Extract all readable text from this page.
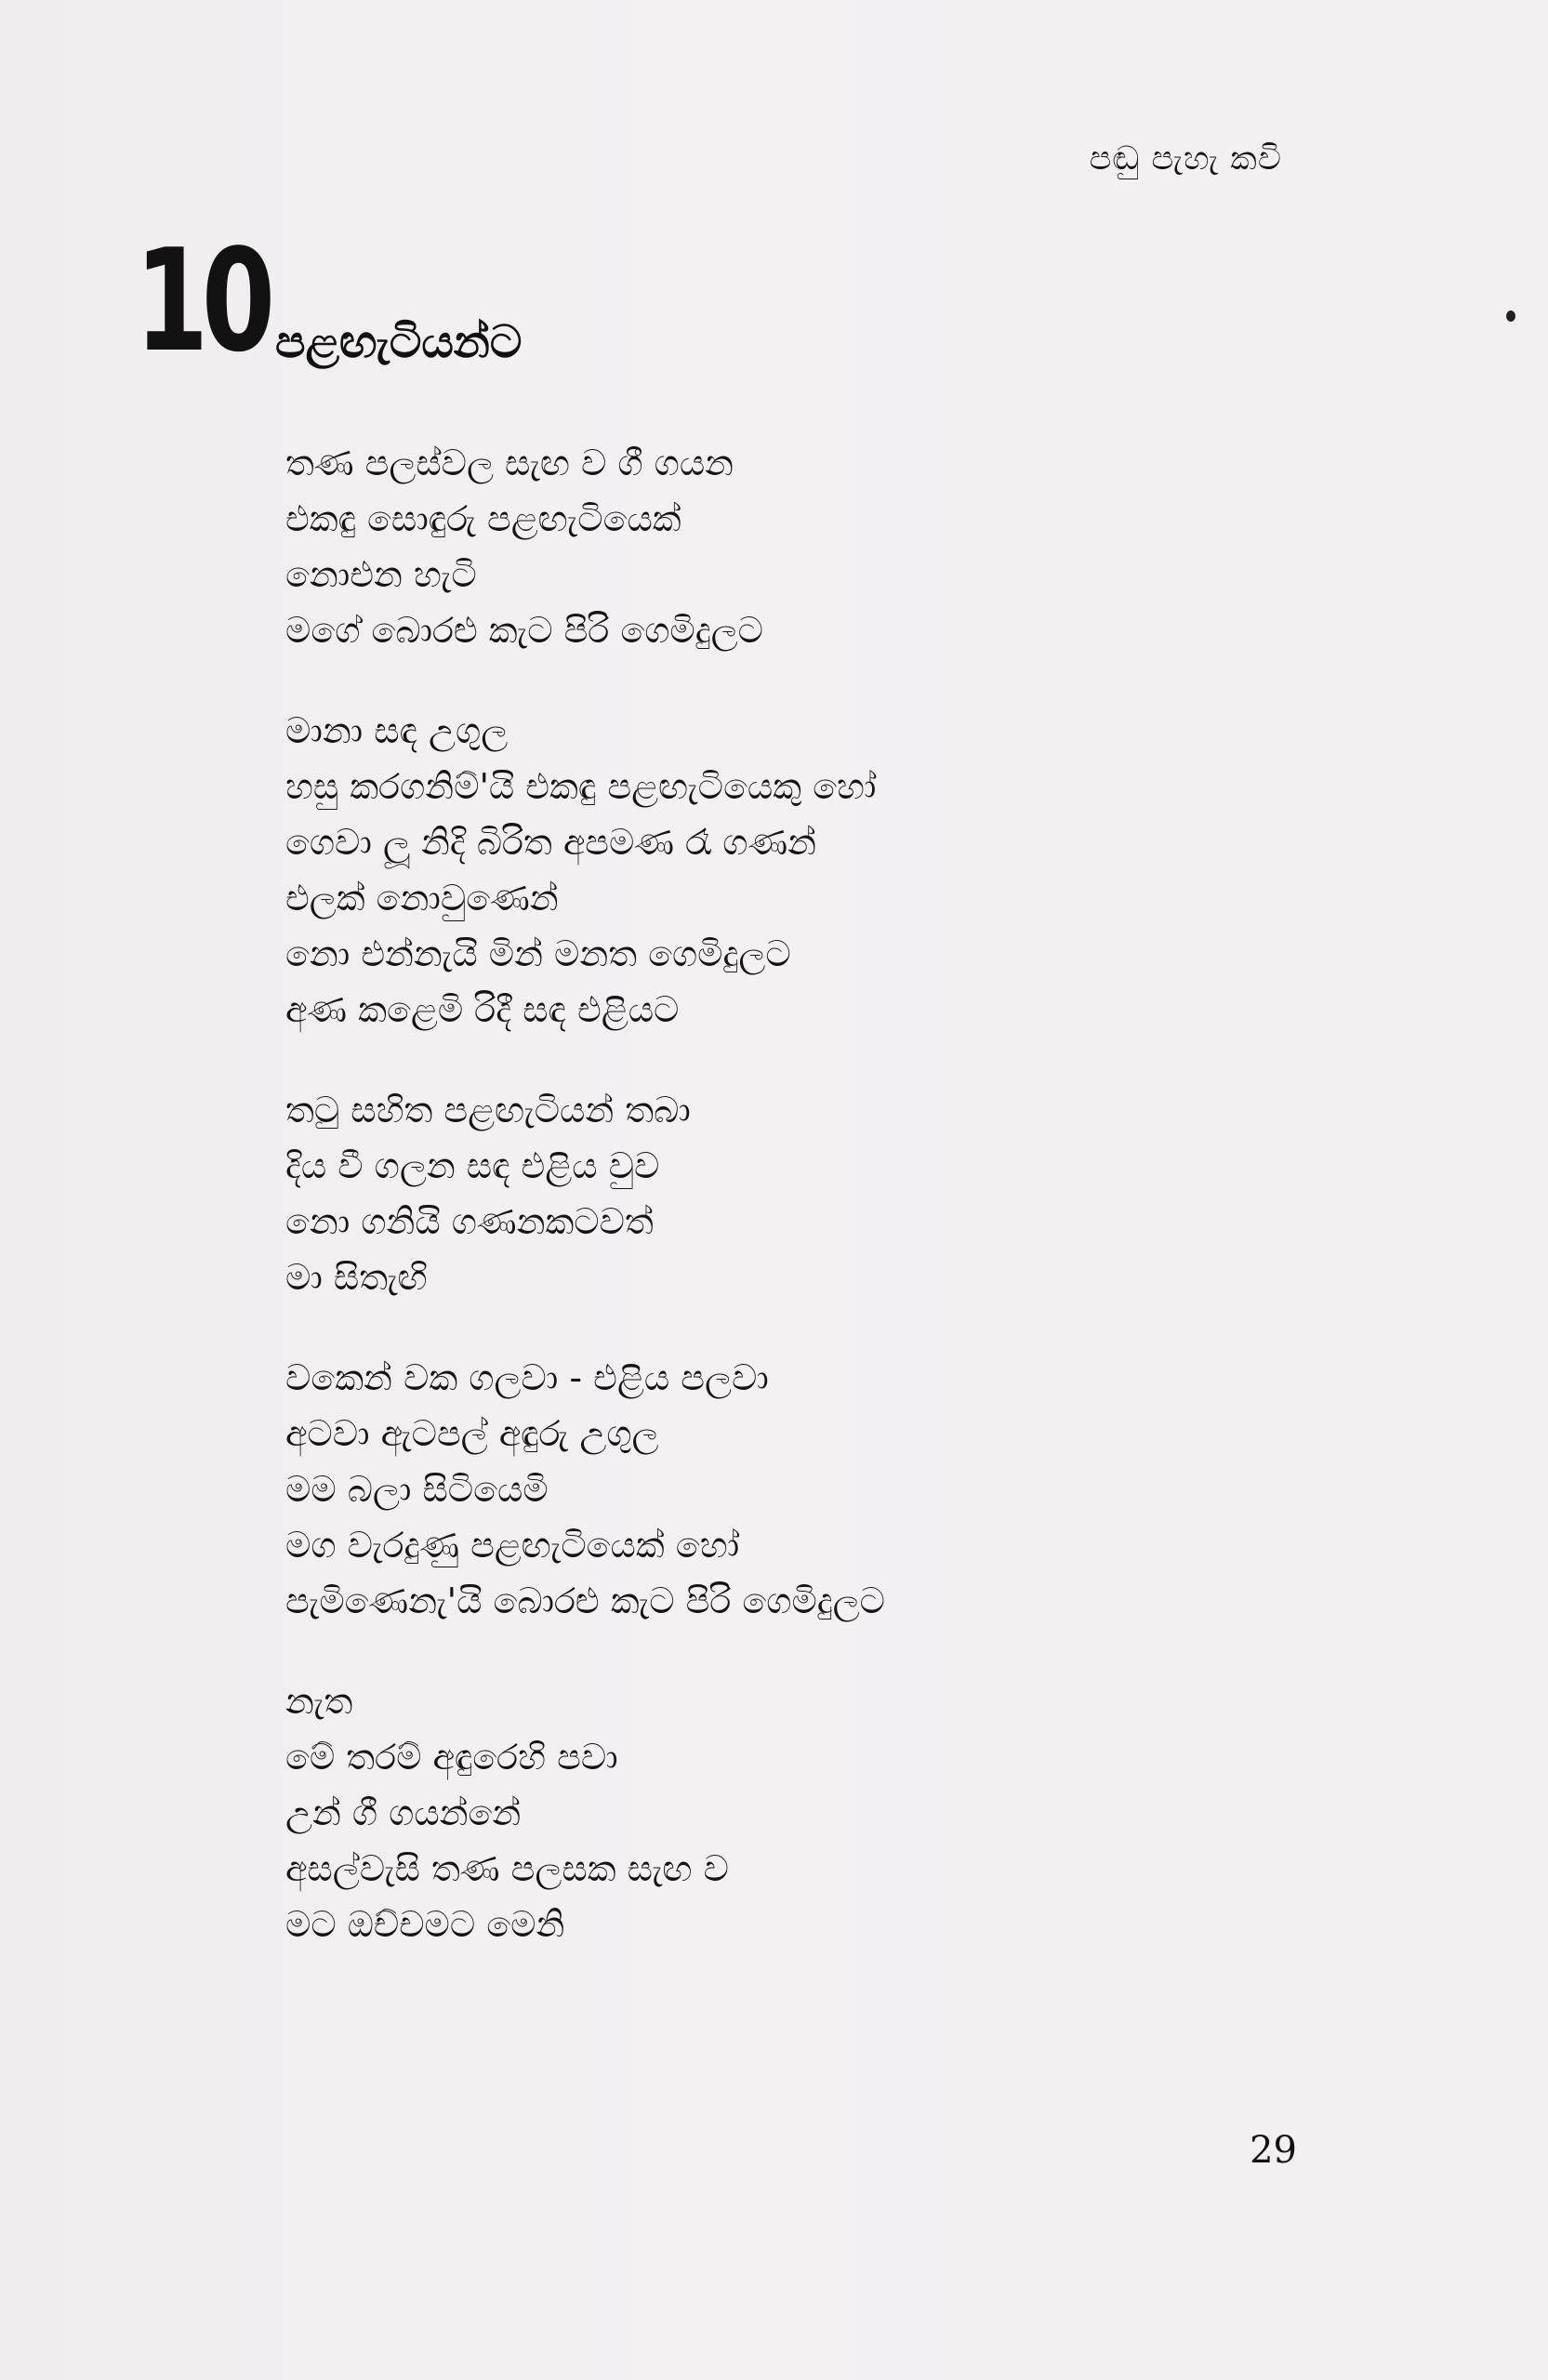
පඬු පැහැ කවි
10 පළඟැටියන්ට
තණ පලස්වල සැඟ ව ගී ගයන
එකඳු සොඳුරු පළඟැටියෙක්
නොඑන හැටි
මගේ බොරළු කැට පිරි ගෙමිදුලට
මානා සඳ උගුල
හසු කරගනිම්'යි එකඳු පළඟැටියෙකු හෝ
ගෙවා ලූ නිදි බිරිත අපමණ රෑ ගණන්
එලක් නොවුණෙන්
නො එන්නැයි මින් මනත ගෙමිදුලට
අණ කළෙමි රිදී සඳ එළියට
තටු සහිත පළඟැටියන් තබා
දිය වී ගලන සඳ එළිය වුව
නො ගනියි ගණනකටවත්
මා සිතැඟි
වකෙන් වක ගලවා - එළිය පලවා
අටවා ඇටපල් අඳුරු උගුල
මම බලා සිටියෙමි
මග වැරදුණු පළඟැටියෙක් හෝ
පැමිණෙනැ'යි බොරළු කැට පිරි ගෙමිදුලට
නැත
මේ තරම් අඳුරෙහි පවා
උන් ගී ගයන්නේ
අසල්වැසි තණ පලසක සැඟ ව
මට ඔච්චමට මෙනි
29
